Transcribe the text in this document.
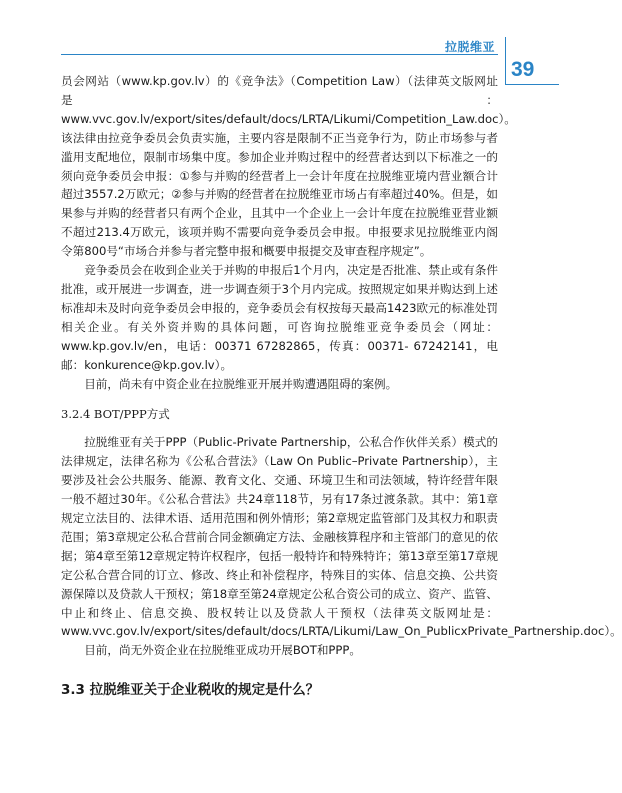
拉脱维亚
39

员会网站（www.kp.gov.lv）的《竞争法》（Competition Law）（法律英文版网址是：www.vvc.gov.lv/export/sites/default/docs/LRTA/Likumi/Competition_Law.doc）。该法律由拉竞争委员会负责实施，主要内容是限制不正当竞争行为，防止市场参与者滥用支配地位，限制市场集中度。参加企业并购过程中的经营者达到以下标准之一的须向竞争委员会申报：①参与并购的经营者上一会计年度在拉脱维亚境内营业额合计超过3557.2万欧元；②参与并购的经营者在拉脱维亚市场占有率超过40%。但是，如果参与并购的经营者只有两个企业，且其中一个企业上一会计年度在拉脱维亚营业额不超过213.4万欧元，该项并购不需要向竞争委员会申报。申报要求见拉脱维亚内阁令第800号“市场合并参与者完整申报和概要申报提交及审查程序规定”。

竞争委员会在收到企业关于并购的申报后1个月内，决定是否批准、禁止或有条件批准，或开展进一步调查，进一步调查须于3个月内完成。按照规定如果并购达到上述标准却未及时向竞争委员会申报的，竞争委员会有权按每天最高1423欧元的标准处罚相关企业。有关外资并购的具体问题，可咨询拉脱维亚竞争委员会（网址：www.kp.gov.lv/en，电话：00371 67282865，传真：00371- 67242141，电邮：konkurence@kp.gov.lv）。

目前，尚未有中资企业在拉脱维亚开展并购遭遇阻碍的案例。

3.2.4 BOT/PPP方式

拉脱维亚有关于PPP（Public-Private Partnership，公私合作伙伴关系）模式的法律规定，法律名称为《公私合营法》（Law On Public–Private Partnership），主要涉及社会公共服务、能源、教育文化、交通、环境卫生和司法领域，特许经营年限一般不超过30年。《公私合营法》共24章118节，另有17条过渡条款。其中：第1章规定立法目的、法律术语、适用范围和例外情形；第2章规定监管部门及其权力和职责范围；第3章规定公私合营前合同金额确定方法、金融核算程序和主管部门的意见的依据；第4章至第12章规定特许权程序，包括一般特许和特殊特许；第13章至第17章规定公私合营合同的订立、修改、终止和补偿程序，特殊目的实体、信息交换、公共资源保障以及贷款人干预权；第18章至第24章规定公私合资公司的成立、资产、监管、中止和终止、信息交换、股权转让以及贷款人干预权（法律英文版网址是：www.vvc.gov.lv/export/sites/default/docs/LRTA/Likumi/Law_On_PublicxPrivate_Partnership.doc）。

目前，尚无外资企业在拉脱维亚成功开展BOT和PPP。

3.3 拉脱维亚关于企业税收的规定是什么？
